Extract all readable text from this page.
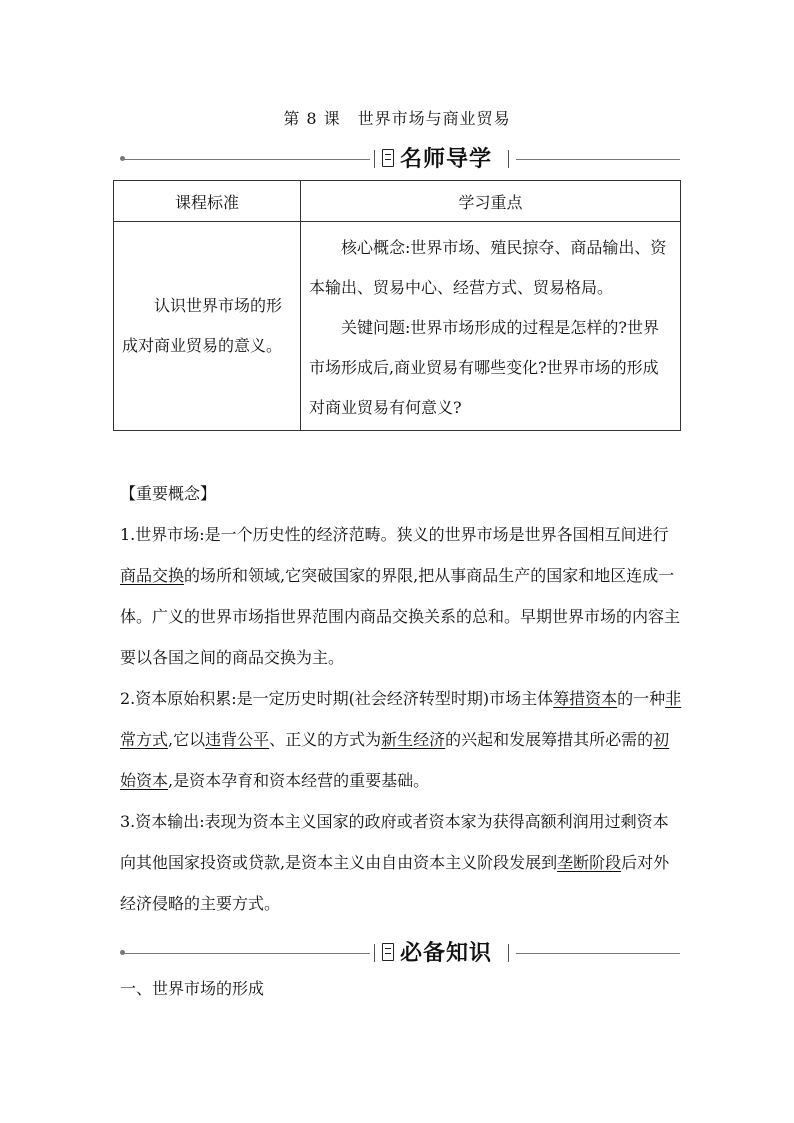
第 8 课　世界市场与商业贸易
名师导学
课程标准	学习重点
认识世界市场的形成对商业贸易的意义。	核心概念:世界市场、殖民掠夺、商品输出、资本输出、贸易中心、经营方式、贸易格局。
关键问题:世界市场形成的过程是怎样的?世界市场形成后,商业贸易有哪些变化?世界市场的形成对商业贸易有何意义?

【重要概念】

1.世界市场:是一个历史性的经济范畴。狭义的世界市场是世界各国相互间进行商品交换的场所和领域,它突破国家的界限,把从事商品生产的国家和地区连成一体。广义的世界市场指世界范围内商品交换关系的总和。早期世界市场的内容主要以各国之间的商品交换为主。

2.资本原始积累:是一定历史时期(社会经济转型时期)市场主体筹措资本的一种非常方式,它以违背公平、正义的方式为新生经济的兴起和发展筹措其所必需的初始资本,是资本孕育和资本经营的重要基础。

3.资本输出:表现为资本主义国家的政府或者资本家为获得高额利润用过剩资本向其他国家投资或贷款,是资本主义由自由资本主义阶段发展到垄断阶段后对外经济侵略的主要方式。

必备知识
一、世界市场的形成
